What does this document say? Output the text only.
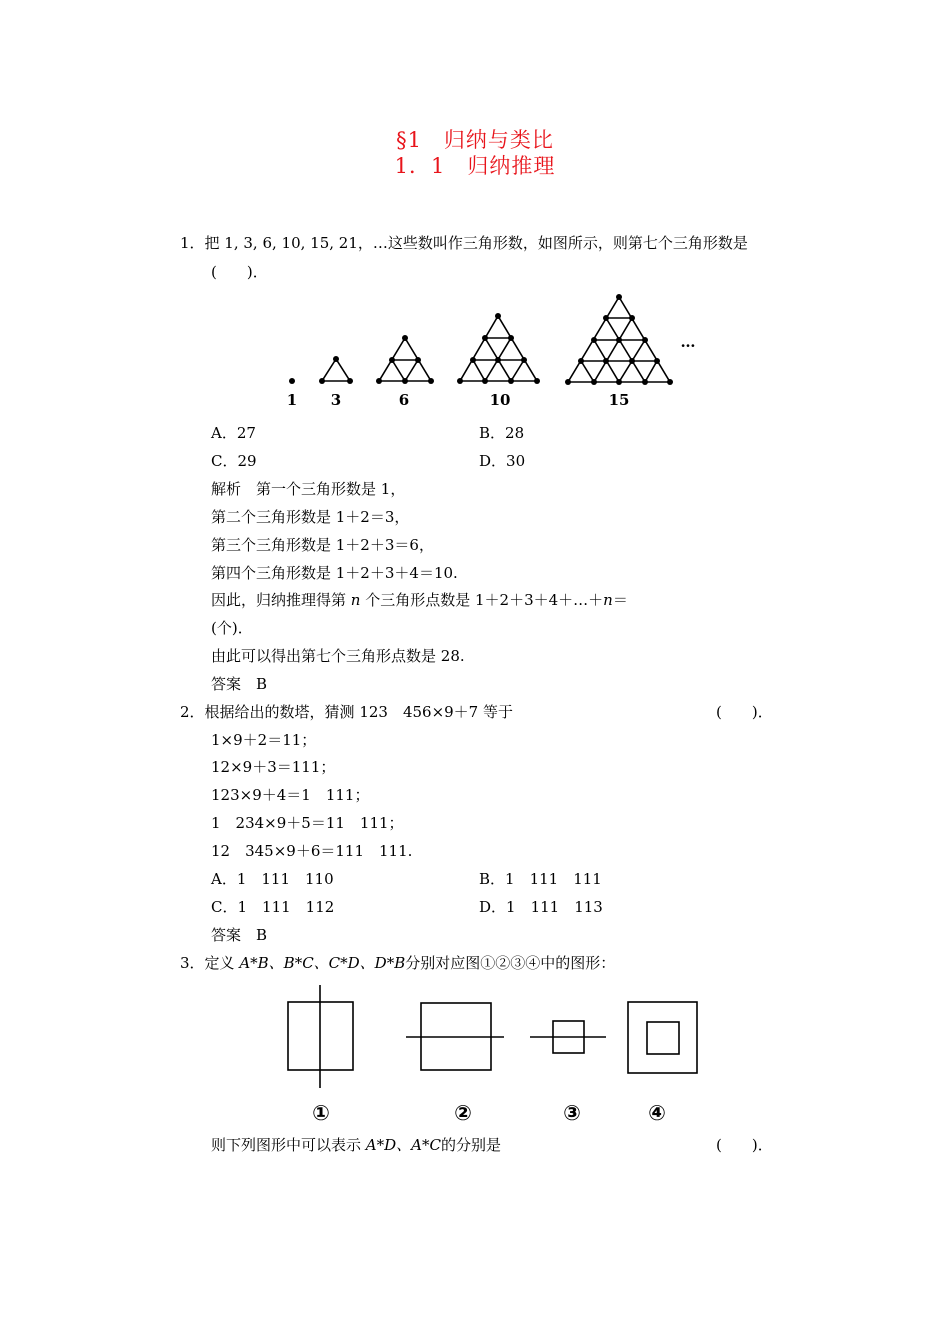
§1　归纳与类比
1．1　归纳推理
1．把 1, 3, 6, 10, 15, 21，…这些数叫作三角形数，如图所示，则第七个三角形数是
(　　)．
1 3	6	10	15
…
①	②	③	④
A．27	B．28
C．29	D．30
解析　第一个三角形数是 1，
第二个三角形数是 1＋2＝3，
第三个三角形数是 1＋2＋3＝6，
第四个三角形数是 1＋2＋3＋4＝10.
因此，归纳推理得第 n 个三角形点数是 1＋2＋3＋4＋…＋n＝
(个)．
由此可以得出第七个三角形点数是 28.
答案　B
2．根据给出的数塔，猜测 123　456×9＋7 等于	(　　)．
1×9＋2＝11；
12×9＋3＝111；
123×9＋4＝1　111；
1　234×9＋5＝11　111；
12　345×9＋6＝111　111.
A．1　111　110	B．1　111　111
C．1　111　112	D．1　111　113
答案　B
3．定义 A*B、B*C、C*D、D*B分别对应图①②③④中的图形：
则下列图形中可以表示 A*D、A*C的分别是	(　　)．
